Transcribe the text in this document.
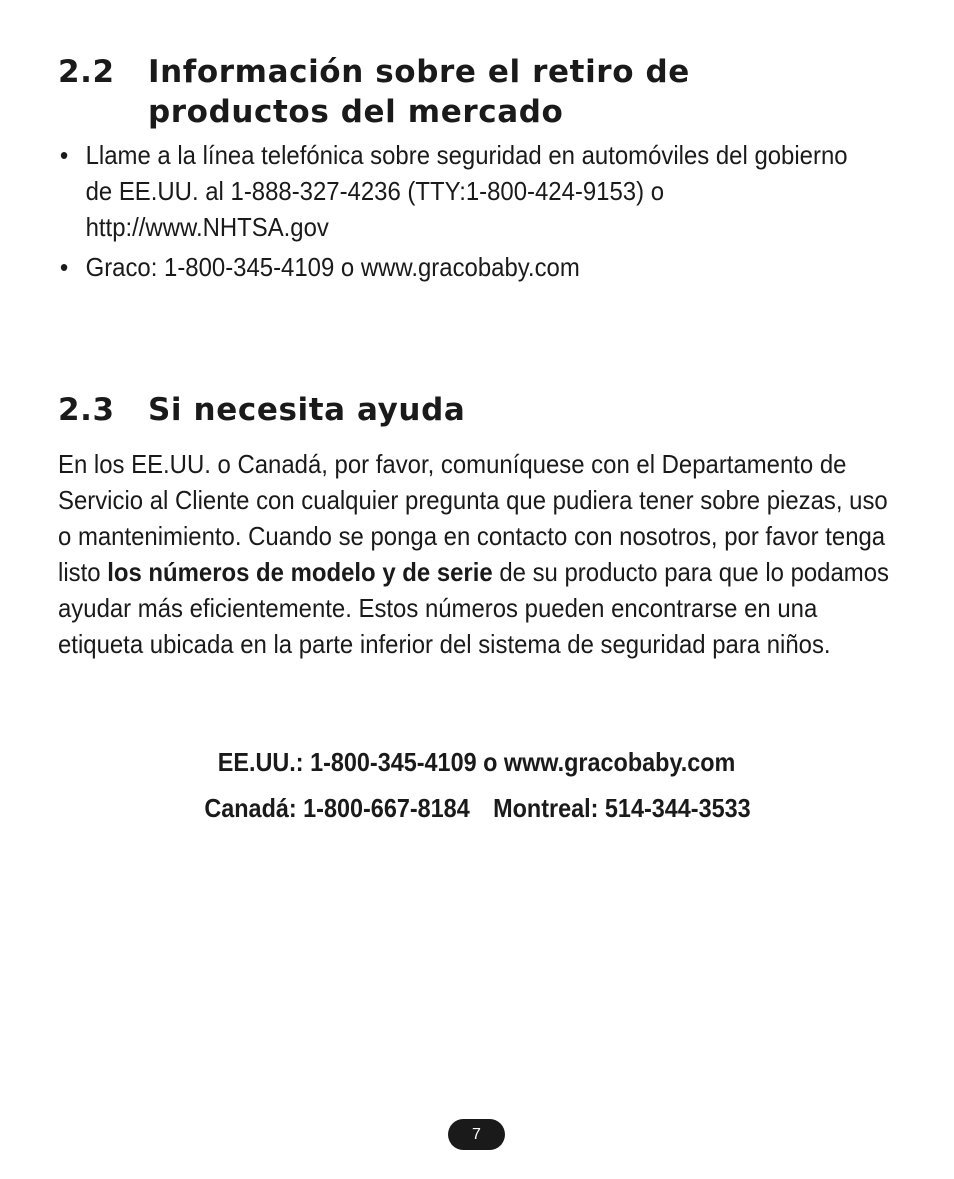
2.2 Información sobre el retiro de
productos del mercado
• Llame a la línea telefónica sobre seguridad en automóviles del gobierno de EE.UU. al 1-888-327-4236 (TTY:1-800-424-9153) o http://www.NHTSA.gov
• Graco: 1-800-345-4109 o www.gracobaby.com
2.3 Si necesita ayuda

En los EE.UU. o Canadá, por favor, comuníquese con el Departamento de Servicio al Cliente con cualquier pregunta que pudiera tener sobre piezas, uso o mantenimiento. Cuando se ponga en contacto con nosotros, por favor tenga listo los números de modelo y de serie de su producto para que lo podamos ayudar más eficientemente. Estos números pueden encontrarse en una etiqueta ubicada en la parte inferior del sistema de seguridad para niños.

EE.UU.: 1-800-345-4109 o www.gracobaby.com
Canadá: 1-800-667-8184 Montreal: 514-344-3533
7
